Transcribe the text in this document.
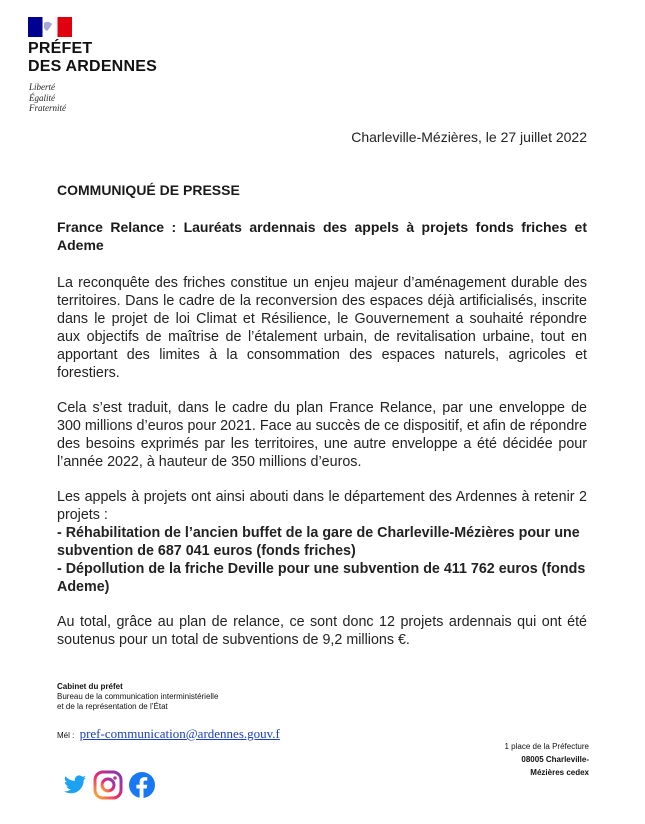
PRÉFET
DES ARDENNES
Liberté
Égalité
Fraternité
Charleville-Mézières, le 27 juillet 2022

COMMUNIQUÉ DE PRESSE

France Relance : Lauréats ardennais des appels à projets fonds friches et Ademe

La reconquête des friches constitue un enjeu majeur d’aménagement durable des territoires. Dans le cadre de la reconversion des espaces déjà artificialisés, inscrite dans le projet de loi Climat et Résilience, le Gouvernement a souhaité répondre aux objectifs de maîtrise de l’étalement urbain, de revitalisation urbaine, tout en apportant des limites à la consommation des espaces naturels, agricoles et forestiers.

Cela s’est traduit, dans le cadre du plan France Relance, par une enveloppe de 300 millions d’euros pour 2021. Face au succès de ce dispositif, et afin de répondre des besoins exprimés par les territoires, une autre enveloppe a été décidée pour l’année 2022, à hauteur de 350 millions d’euros.

Les appels à projets ont ainsi abouti dans le département des Ardennes à retenir 2 projets :
- Réhabilitation de l’ancien buffet de la gare de Charleville-Mézières pour une subvention de 687 041 euros (fonds friches)
- Dépollution de la friche Deville pour une subvention de 411 762 euros (fonds Ademe)

Au total, grâce au plan de relance, ce sont donc 12 projets ardennais qui ont été soutenus pour un total de subventions de 9,2 millions €.

Cabinet du préfet
Bureau de la communication interministérielle
et de la représentation de l’État
Mél : pref-communication@ardennes.gouv.f
1 place de la Préfecture
08005 Charleville-
Mézières cedex
